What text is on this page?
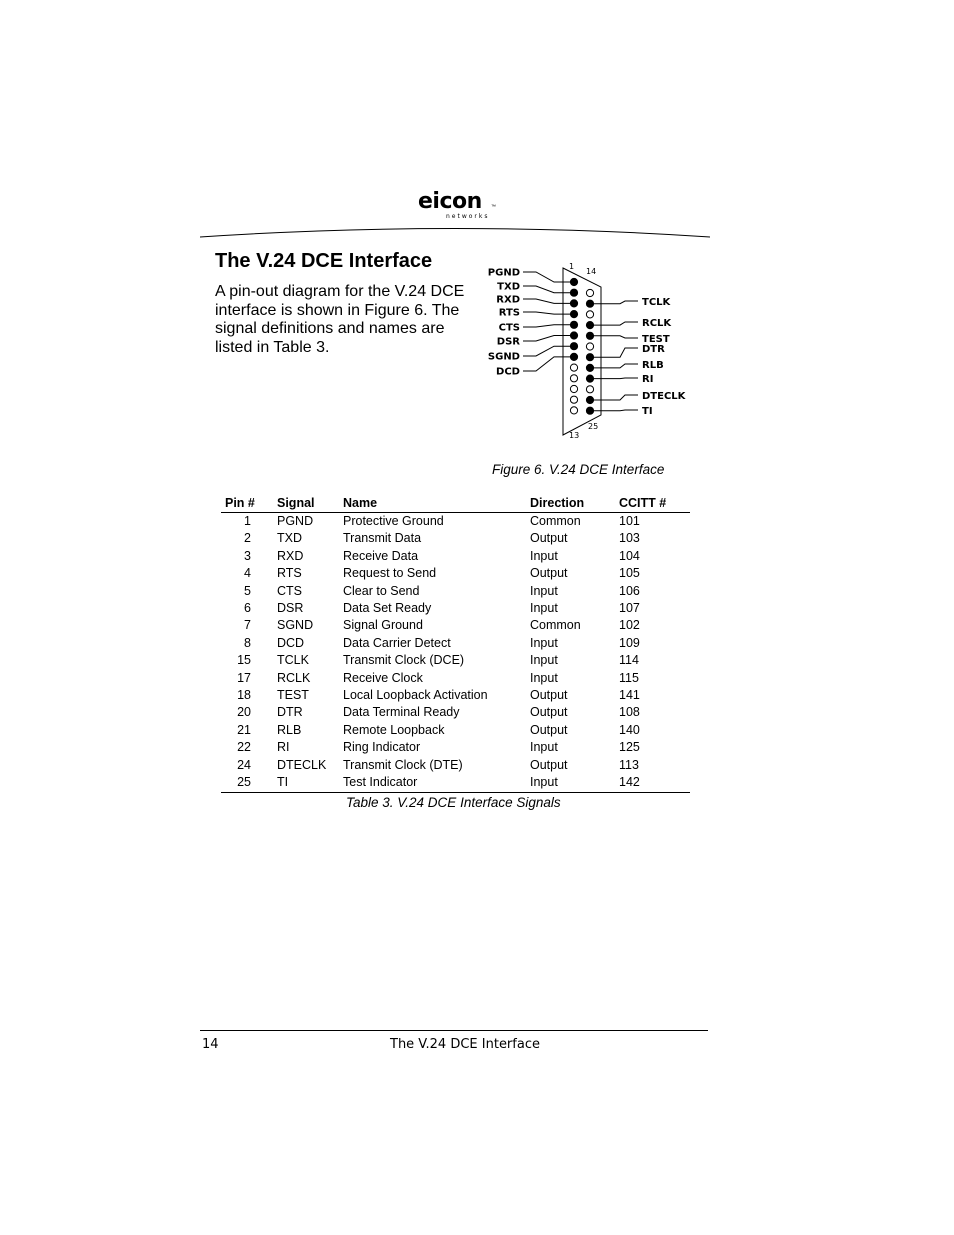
eicon
networks
™
The V.24 DCE Interface
A pin-out diagram for the V.24 DCE interface is shown in Figure 6. The signal definitions and names are listed in Table 3.
PGND
TXD
RXD
RTS
CTS
DSR
SGND
DCD
TCLK
RCLK
TEST
DTR
RLB
RI
DTECLK
TI
1
14
25
13
Figure 6. V.24 DCE Interface
Pin #	Signal	Name	Direction	CCITT #
1	PGND	Protective Ground	Common	101
2	TXD	Transmit Data	Output	103
3	RXD	Receive Data	Input	104
4	RTS	Request to Send	Output	105
5	CTS	Clear to Send	Input	106
6	DSR	Data Set Ready	Input	107
7	SGND	Signal Ground	Common	102
8	DCD	Data Carrier Detect	Input	109
15	TCLK	Transmit Clock (DCE)	Input	114
17	RCLK	Receive Clock	Input	115
18	TEST	Local Loopback Activation	Output	141
20	DTR	Data Terminal Ready	Output	108
21	RLB	Remote Loopback	Output	140
22	RI	Ring Indicator	Input	125
24	DTECLK	Transmit Clock (DTE)	Output	113
25	TI	Test Indicator	Input	142
Table 3. V.24 DCE Interface Signals
14	The V.24 DCE Interface
